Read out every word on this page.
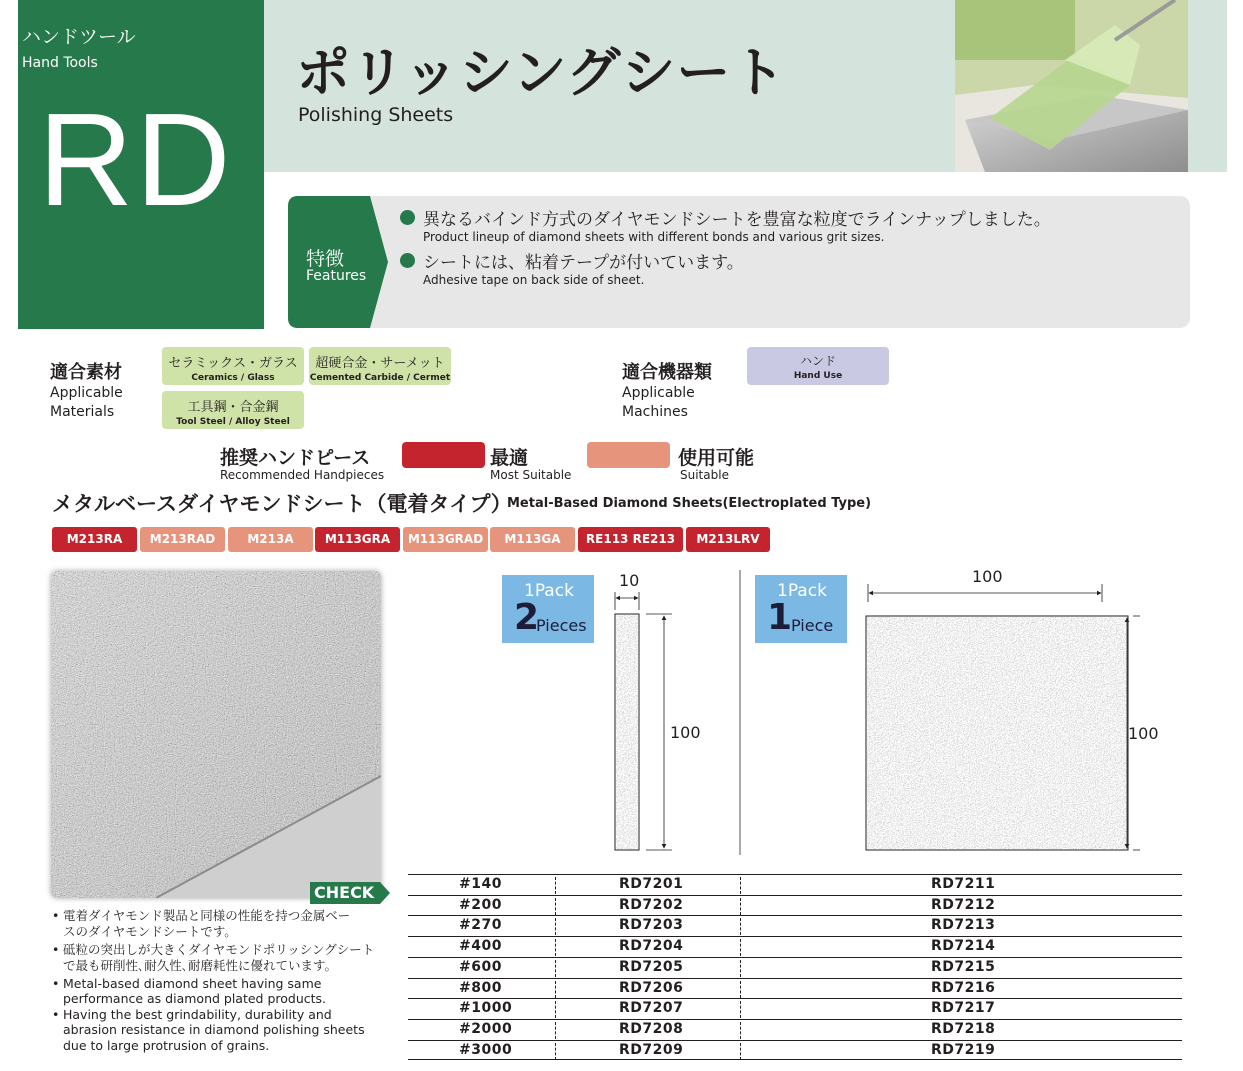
ハンドツール
Hand Tools
RD
ポリッシングシート
Polishing Sheets
特徴
Features
異なるバインド方式のダイヤモンドシートを豊富な粒度でラインナップしました。
Product lineup of diamond sheets with different bonds and various grit sizes.
シートには、粘着テープが付いています。
Adhesive tape on back side of sheet.
適合素材
Applicable
Materials
セラミックス・ガラス
Ceramics / Glass
超硬合金・サーメット
Cemented Carbide / Cermet
工具鋼・合金鋼
Tool Steel / Alloy Steel
適合機器類
Applicable
Machines
ハンド
Hand Use
推奨ハンドピース
Recommended Handpieces
最適
Most Suitable
使用可能
Suitable
メタルベースダイヤモンドシート（電着タイプ）
Metal-Based Diamond Sheets(Electroplated Type)
M213RA	M213RAD	M213A	M113GRA	M113GRAD	M113GA	RE113 RE213	M213LRV
CHECK
• 電着ダイヤモンド製品と同様の性能を持つ金属ベー
スのダイヤモンドシートです。
• 砥粒の突出しが大きくダイヤモンドポリッシングシート
で最も研削性､耐久性､耐磨耗性に優れています。
• Metal-based diamond sheet having same
performance as diamond plated products.
• Having the best grindability, durability and
abrasion resistance in diamond polishing sheets
due to large protrusion of grains.
1Pack
2
Pieces
1Pack
1
Piece
10
100
100
100
#140	RD7201	RD7211
#200	RD7202	RD7212
#270	RD7203	RD7213
#400	RD7204	RD7214
#600	RD7205	RD7215
#800	RD7206	RD7216
#1000	RD7207	RD7217
#2000	RD7208	RD7218
#3000	RD7209	RD7219
